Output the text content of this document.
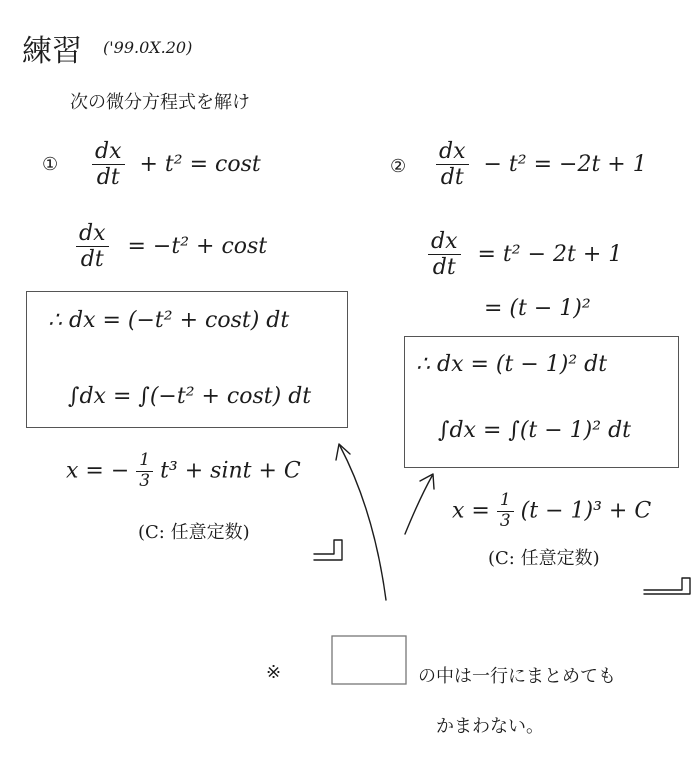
練習 ('99.0X.20)
次の微分方程式を解け
① $\frac{dx}{dt} + t^2 = \cos t$
$\frac{dx}{dt} = -t^2 + \cos t$
∴ dx = (−t² + cost) dt
∫dx = ∫(−t² + cost) dt
x = − $\frac{1}{3} t^3 + \sin t + C$
(C: 任意定数)
② $\frac{dx}{dt} - t^2 = -2t + 1$
$\frac{dx}{dt} = t^2 - 2t + 1$
= (t − 1)²
∴ dx = (t − 1)² dt
∫dx = ∫(t − 1)² dt
$x = \frac{1}{3} (t - 1)^3 + C$
(C: 任意定数)
※	の中は一行にまとめても
かまわない。
